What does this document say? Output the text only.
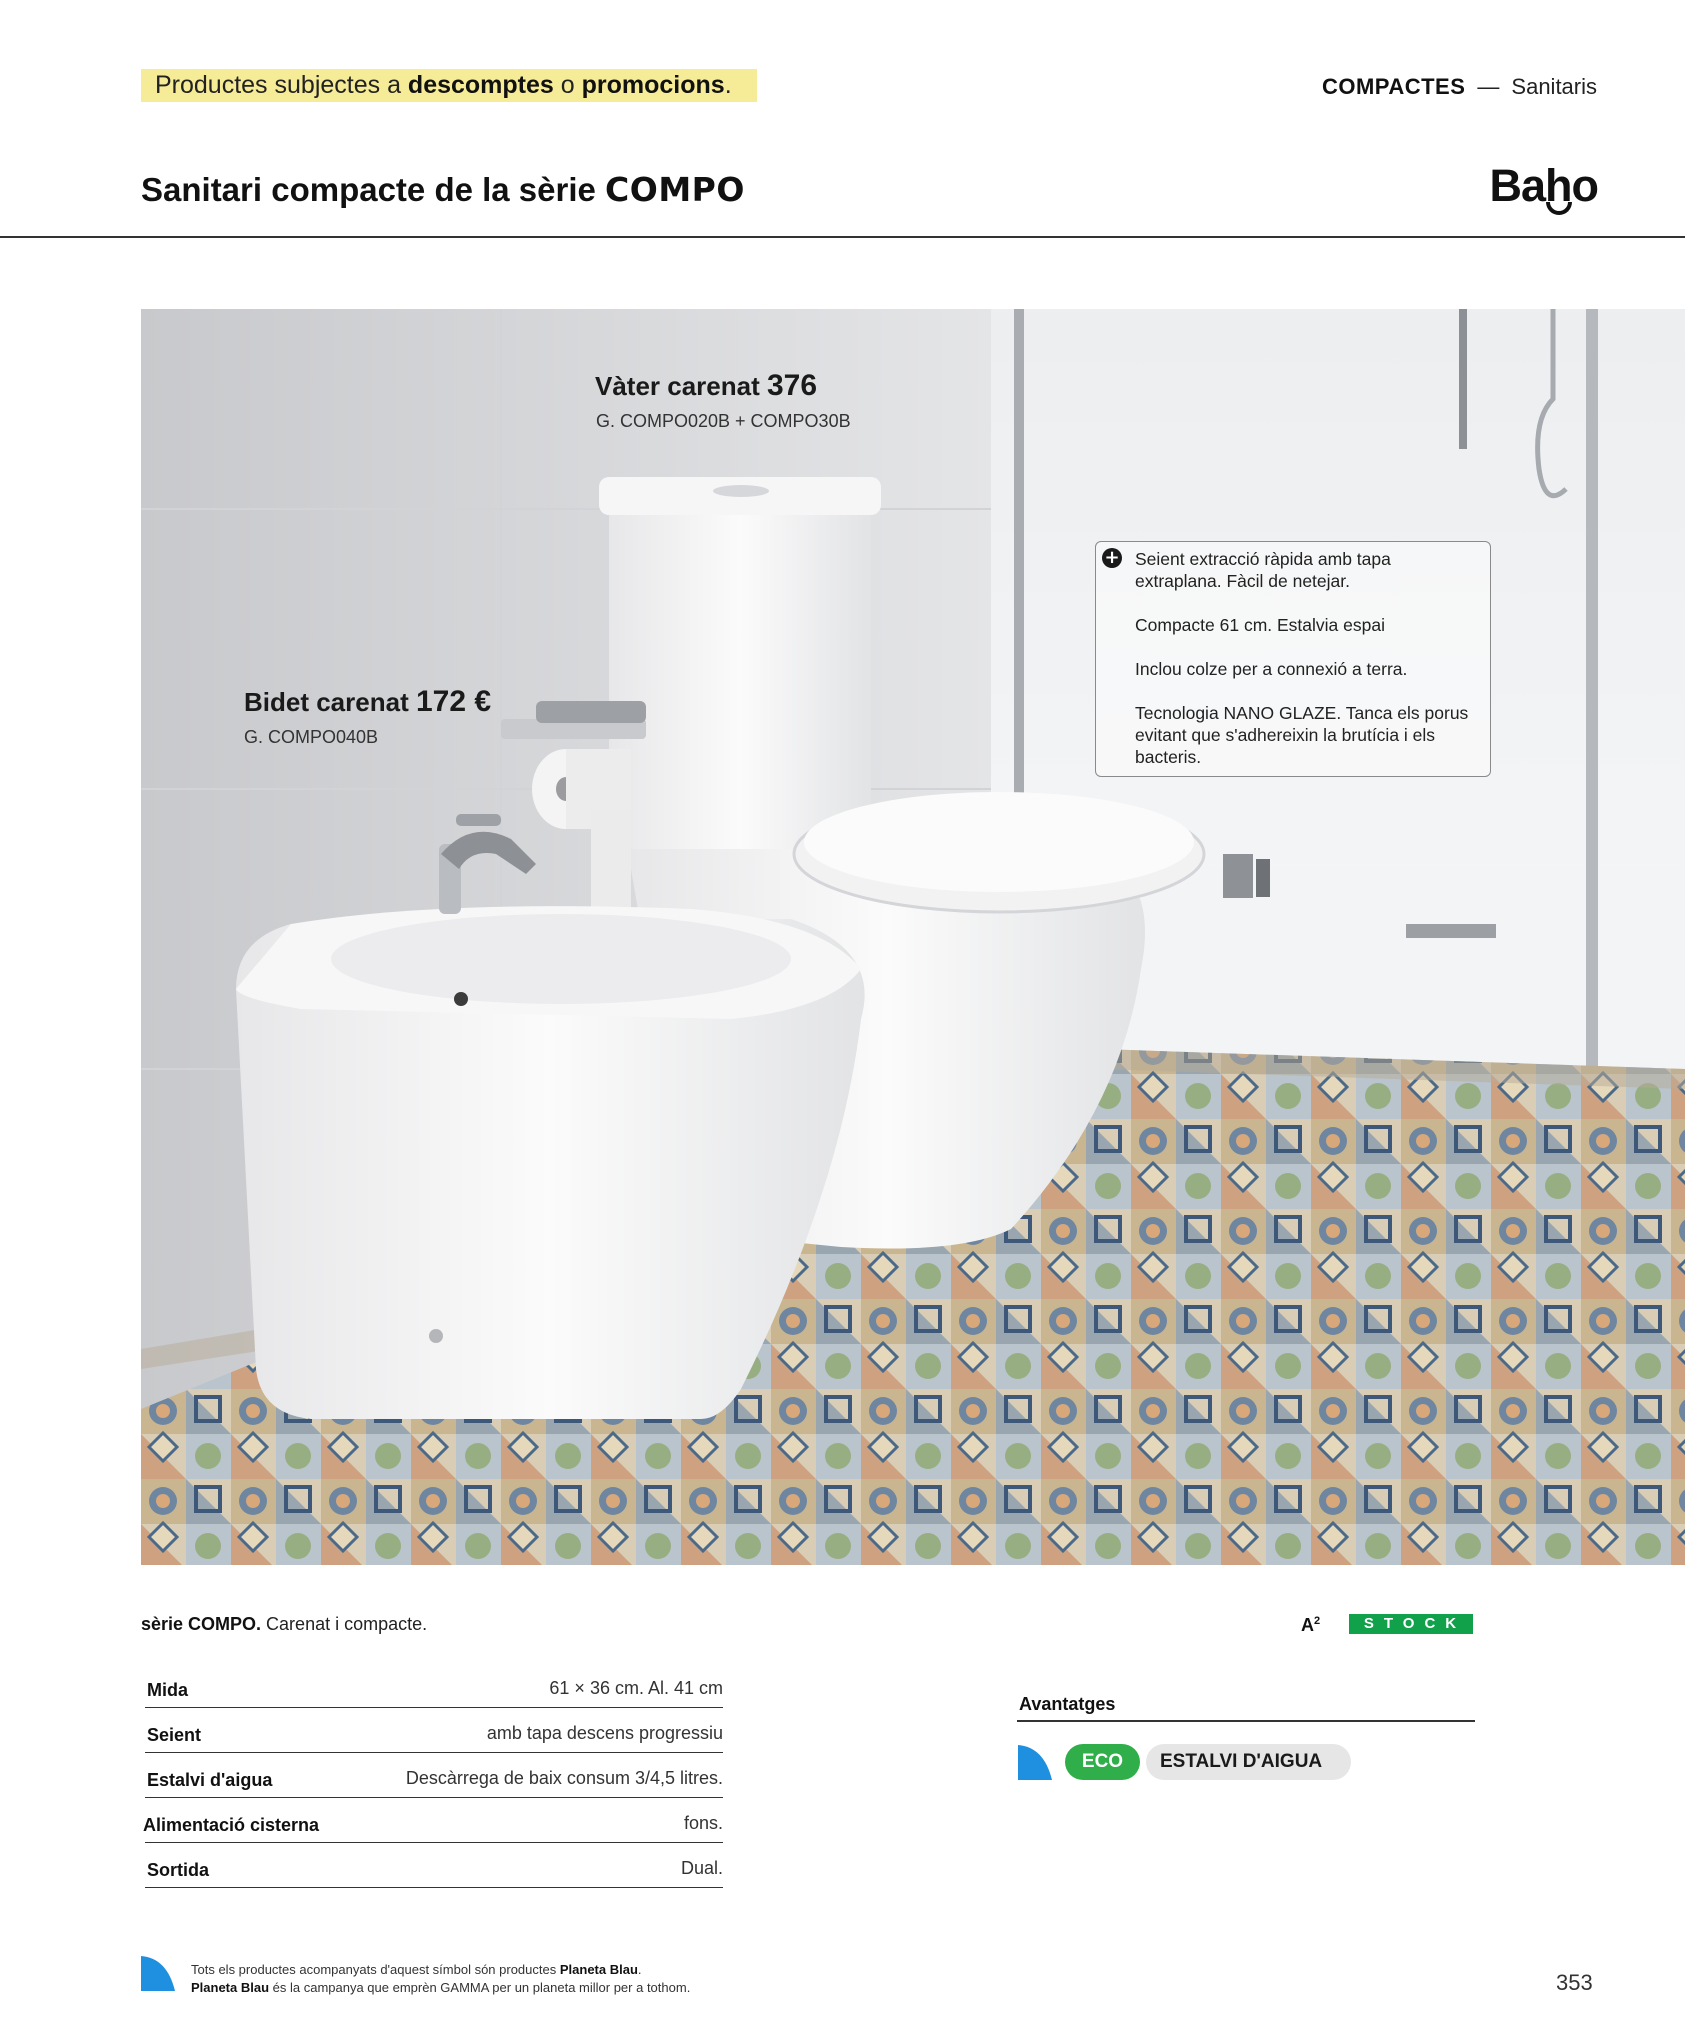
Productes subjectes a descomptes o promocions.	COMPACTES — Sanitaris
Sanitari compacte de la sèrie COMPO	Baho
Vàter carenat 376
G. COMPO020B + COMPO30B
Bidet carenat 172 €
G. COMPO040B
+ Seient extracció ràpida amb tapa extraplana. Fàcil de netejar.
Compacte 61 cm. Estalvia espai
Inclou colze per a connexió a terra.
Tecnologia NANO GLAZE. Tanca els porus evitant que s'adhereixin la brutícia i els bacteris.
sèrie COMPO. Carenat i compacte.	$A^2$	STOCK
Mida	61 × 36 cm. Al. 41 cm
Seient	amb tapa descens progressiu
Estalvi d'aigua	Descàrrega de baix consum 3/4,5 litres.
Alimentació cisterna	fons.
Sortida	Dual.
Avantatges
ECO	ESTALVI D'AIGUA
Tots els productes acompanyats d'aquest símbol són productes Planeta Blau.
Planeta Blau és la campanya que emprèn GAMMA per un planeta millor per a tothom.	353
